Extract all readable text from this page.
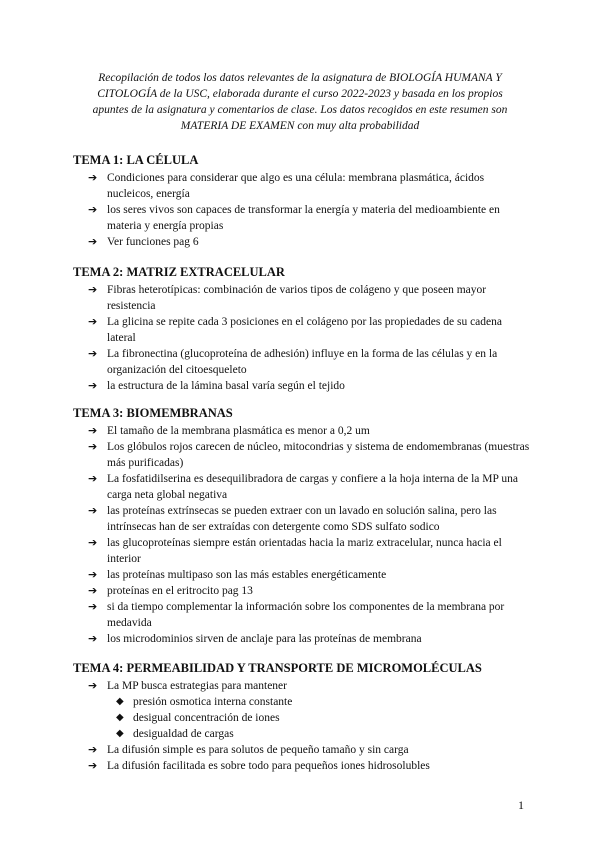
Recopilación de todos los datos relevantes de la asignatura de BIOLOGÍA HUMANA Y CITOLOGÍA de la USC, elaborada durante el curso 2022-2023 y basada en los propios apuntes de la asignatura y comentarios de clase. Los datos recogidos en este resumen son MATERIA DE EXAMEN con muy alta probabilidad
TEMA 1: LA CÉLULA
➔ Condiciones para considerar que algo es una célula: membrana plasmática, ácidos nucleicos, energía
➔ los seres vivos son capaces de transformar la energía y materia del medioambiente en materia y energía propias
➔ Ver funciones pag 6
TEMA 2: MATRIZ EXTRACELULAR
➔ Fibras heterotípicas: combinación de varios tipos de colágeno y que poseen mayor resistencia
➔ La glicina se repite cada 3 posiciones en el colágeno por las propiedades de su cadena lateral
➔ La fibronectina (glucoproteína de adhesión) influye en la forma de las células y en la organización del citoesqueleto
➔ la estructura de la lámina basal varía según el tejido
TEMA 3: BIOMEMBRANAS
➔ El tamaño de la membrana plasmática es menor a 0,2 um
➔ Los glóbulos rojos carecen de núcleo, mitocondrias y sistema de endomembranas (muestras más purificadas)
➔ La fosfatidilserina es desequilibradora de cargas y confiere a la hoja interna de la MP una carga neta global negativa
➔ las proteínas extrínsecas se pueden extraer con un lavado en solución salina, pero las intrínsecas han de ser extraídas con detergente como SDS sulfato sodico
➔ las glucoproteínas siempre están orientadas hacia la mariz extracelular, nunca hacia el interior
➔ las proteínas multipaso son las más estables energéticamente
➔ proteínas en el eritrocito pag 13
➔ si da tiempo complementar la información sobre los componentes de la membrana por medavida
➔ los microdominios sirven de anclaje para las proteínas de membrana
TEMA 4: PERMEABILIDAD Y TRANSPORTE DE MICROMOLÉCULAS
➔ La MP busca estrategias para mantener
◆ presión osmotica interna constante
◆ desigual concentración de iones
◆ desigualdad de cargas
➔ La difusión simple es para solutos de pequeño tamaño y sin carga
➔ La difusión facilitada es sobre todo para pequeños iones hidrosolubles
1
